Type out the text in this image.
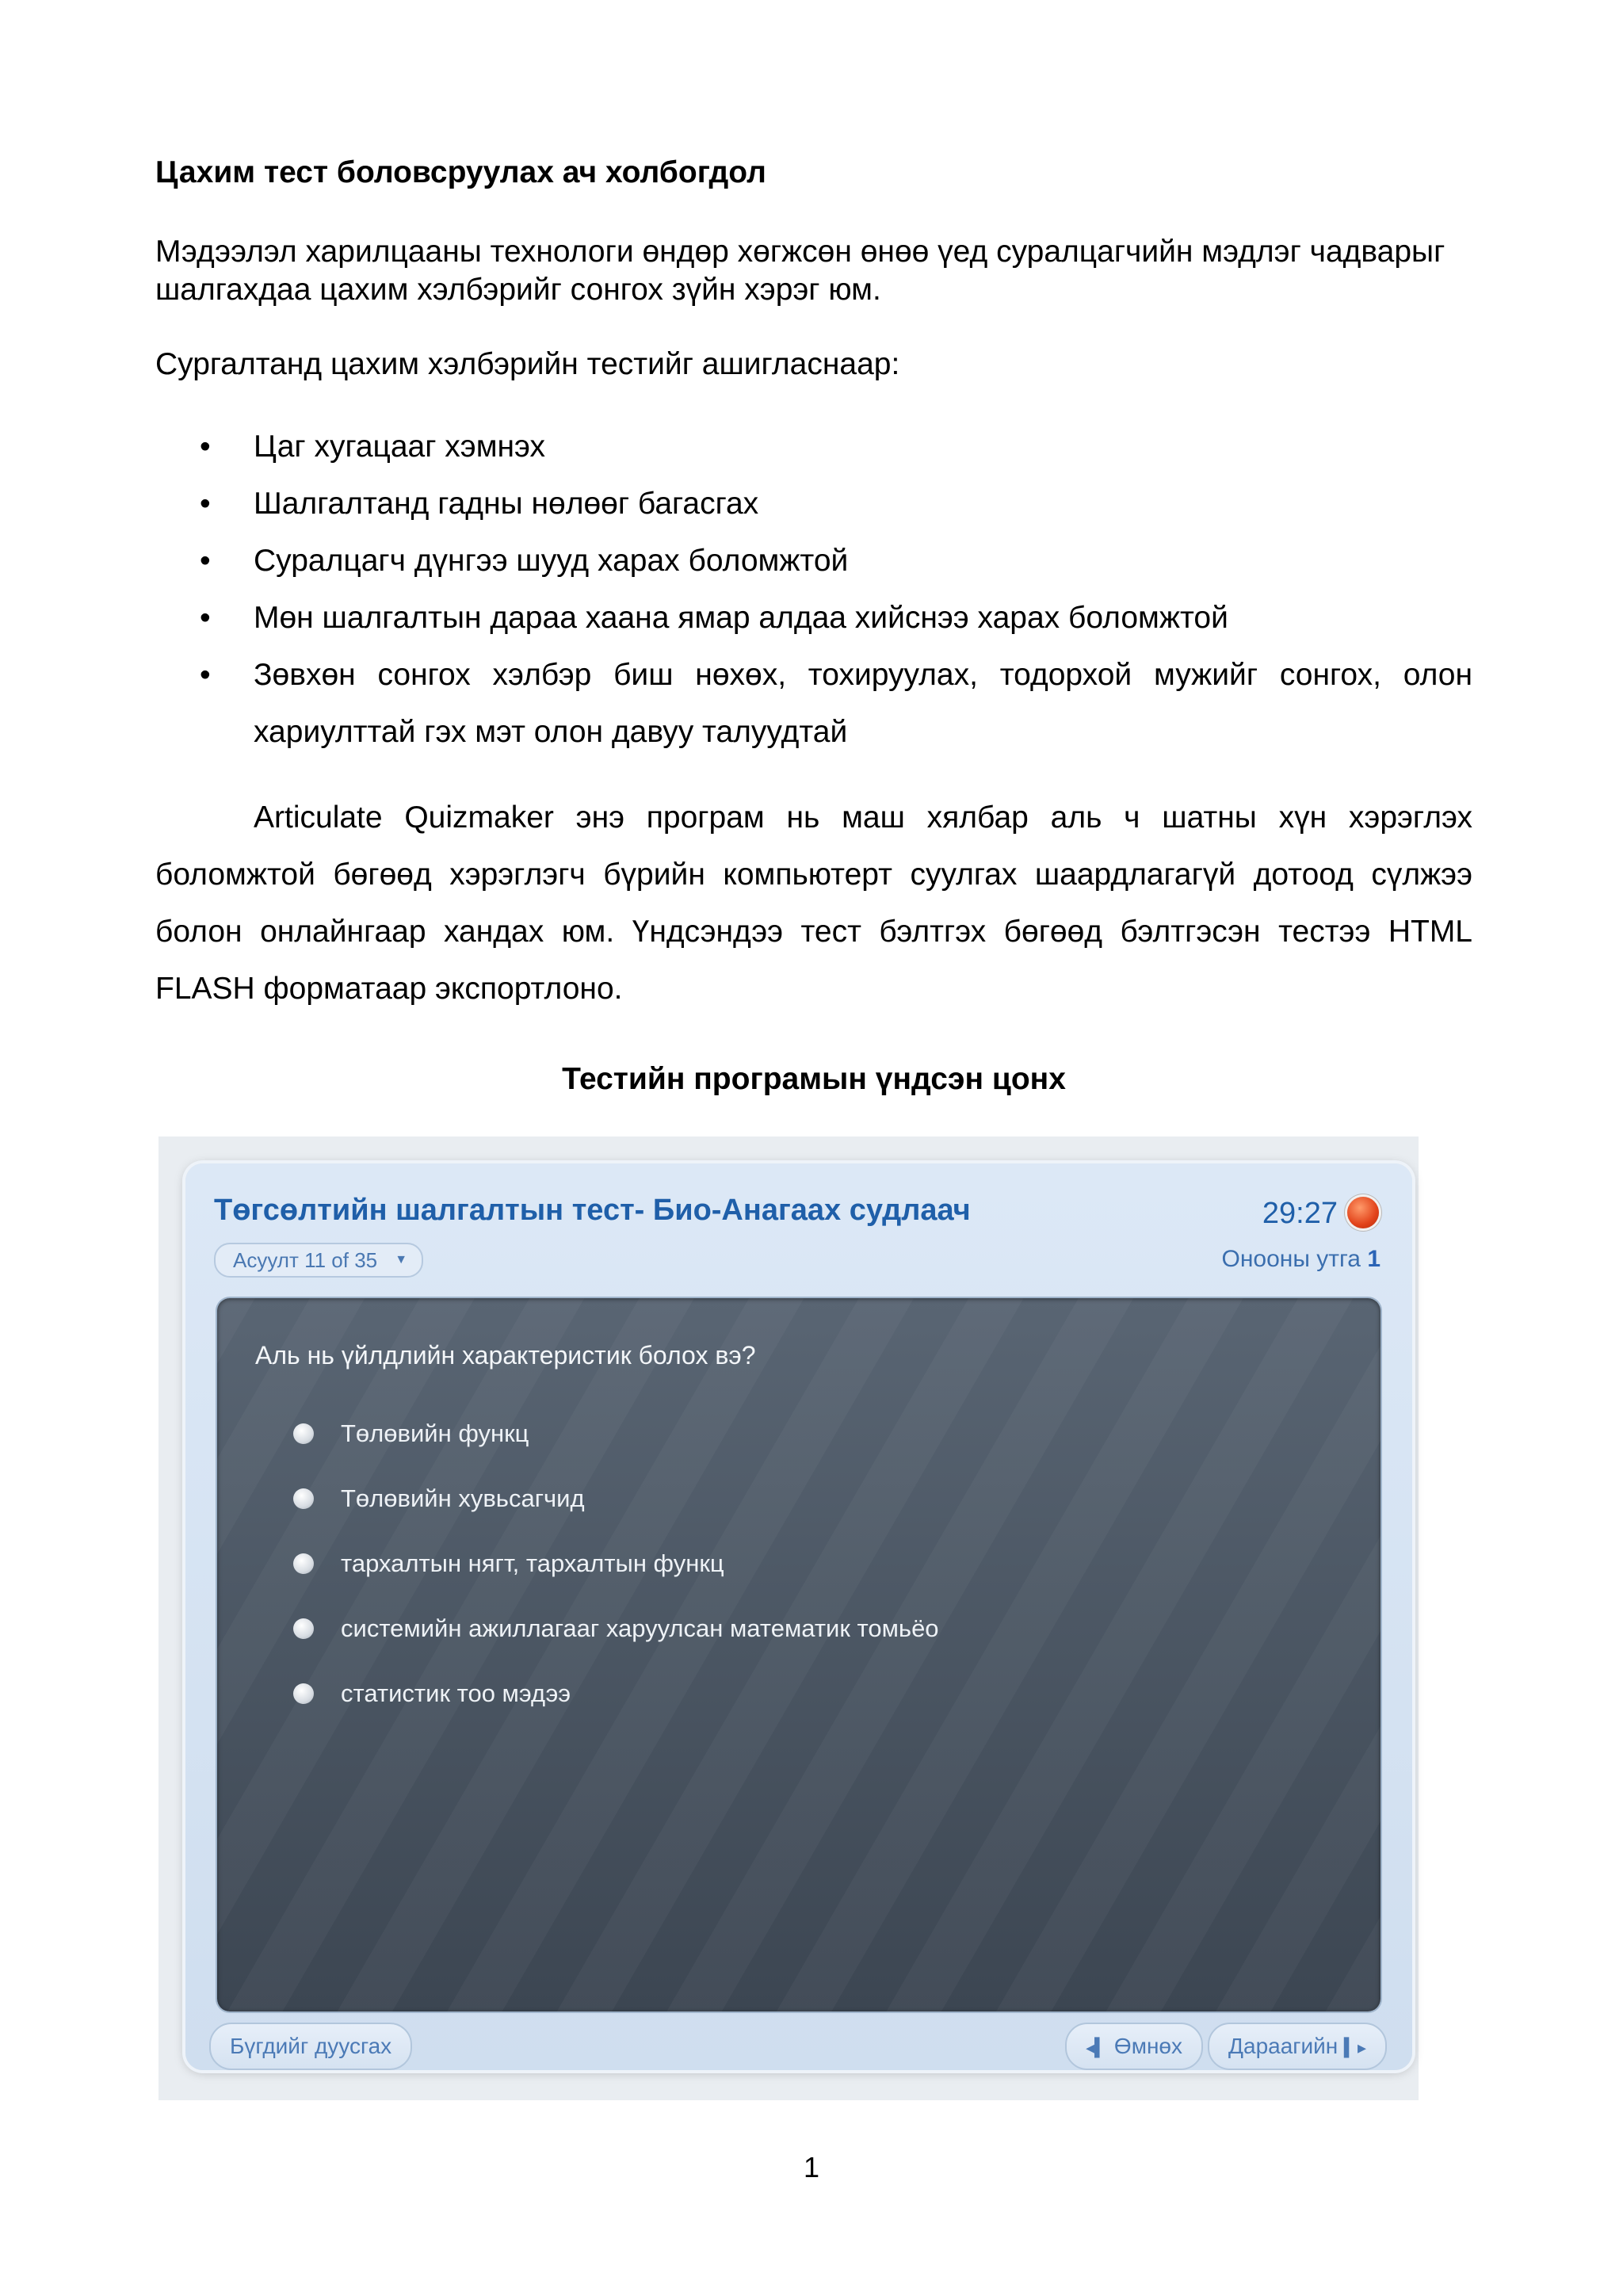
Цахим тест боловсруулах ач холбогдол
Мэдээлэл харилцааны технологи өндөр хөгжсөн өнөө үед суралцагчийн мэдлэг чадварыг шалгахдаа цахим хэлбэрийг сонгох зүйн хэрэг юм.
Сургалтанд цахим хэлбэрийн тестийг ашигласнаар:
• Цаг хугацааг хэмнэх
• Шалгалтанд гадны нөлөөг багасгах
• Суралцагч дүнгээ шууд харах боломжтой
• Мөн шалгалтын дараа хаана ямар алдаа хийснээ харах боломжтой
• Зөвхөн сонгох хэлбэр биш нөхөх, тохируулах, тодорхой мужийг сонгох, олон хариулттай гэх мэт олон давуу талуудтай
Articulate Quizmaker энэ програм нь маш хялбар аль ч шатны хүн хэрэглэх боломжтой бөгөөд хэрэглэгч бүрийн компьютерт суулгах шаардлагагүй дотоод сүлжээ болон онлайнгаар хандах юм. Үндсэндээ тест бэлтгэх бөгөөд бэлтгэсэн тестээ HTML FLASH форматаар экспортлоно.
Тестийн програмын үндсэн цонх
Төгсөлтийн шалгалтын тест- Био-Анагаах судлаач	29:27
Асуулт 11 of 35 ▼	Онооны утга 1
Аль нь үйлдлийн характеристик болох вэ?
Төлөвийн функц
Төлөвийн хувьсагчид
тархалтын нягт, тархалтын функц
системийн ажиллагааг харуулсан математик томьёо
статистик тоо мэдээ
Бүгдийг дуусгах	◂▍ Өмнөх	Дараагийн ▍▸
1
